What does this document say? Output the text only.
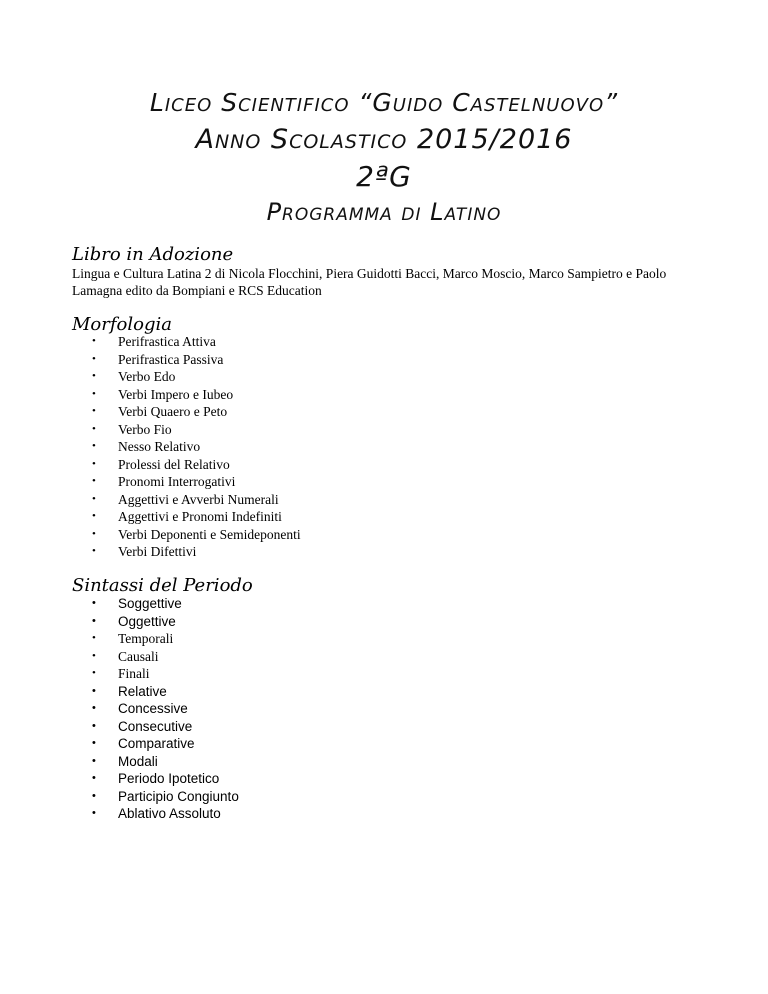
Liceo Scientifico “Guido Castelnuovo”
Anno Scolastico 2015/2016
2ªG
Programma di Latino
Libro in Adozione
Lingua e Cultura Latina 2 di Nicola Flocchini, Piera Guidotti Bacci, Marco Moscio, Marco Sampietro e Paolo Lamagna edito da Bompiani e RCS Education
Morfologia
• Perifrastica Attiva
• Perifrastica Passiva
• Verbo Edo
• Verbi Impero e Iubeo
• Verbi Quaero e Peto
• Verbo Fio
• Nesso Relativo
• Prolessi del Relativo
• Pronomi Interrogativi
• Aggettivi e Avverbi Numerali
• Aggettivi e Pronomi Indefiniti
• Verbi Deponenti e Semideponenti
• Verbi Difettivi
Sintassi del Periodo
• Soggettive
• Oggettive
• Temporali
• Causali
• Finali
• Relative
• Concessive
• Consecutive
• Comparative
• Modali
• Periodo Ipotetico
• Participio Congiunto
• Ablativo Assoluto
